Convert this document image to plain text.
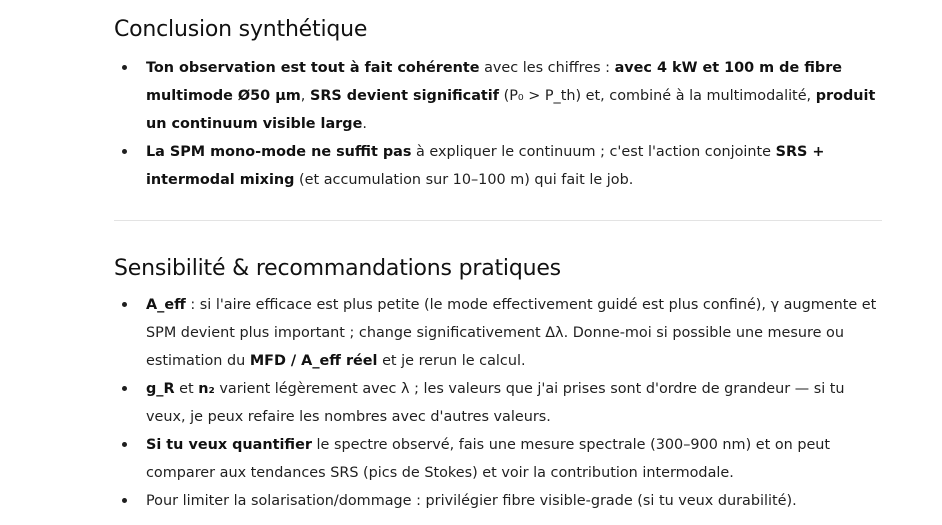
Conclusion synthétique
Ton observation est tout à fait cohérente avec les chiffres : avec 4 kW et 100 m de fibre multimode Ø50 µm, SRS devient significatif (P₀ > P_th) et, combiné à la multimodalité, produit un continuum visible large.
La SPM mono-mode ne suffit pas à expliquer le continuum ; c'est l'action conjointe SRS + intermodal mixing (et accumulation sur 10–100 m) qui fait le job.
Sensibilité & recommandations pratiques
A_eff : si l'aire efficace est plus petite (le mode effectivement guidé est plus confiné), γ augmente et SPM devient plus important ; change significativement Δλ. Donne-moi si possible une mesure ou estimation du MFD / A_eff réel et je rerun le calcul.
g_R et n₂ varient légèrement avec λ ; les valeurs que j'ai prises sont d'ordre de grandeur — si tu veux, je peux refaire les nombres avec d'autres valeurs.
Si tu veux quantifier le spectre observé, fais une mesure spectrale (300–900 nm) et on peut comparer aux tendances SRS (pics de Stokes) et voir la contribution intermodale.
Pour limiter la solarisation/dommage : privilégier fibre visible-grade (si tu veux durabilité).
